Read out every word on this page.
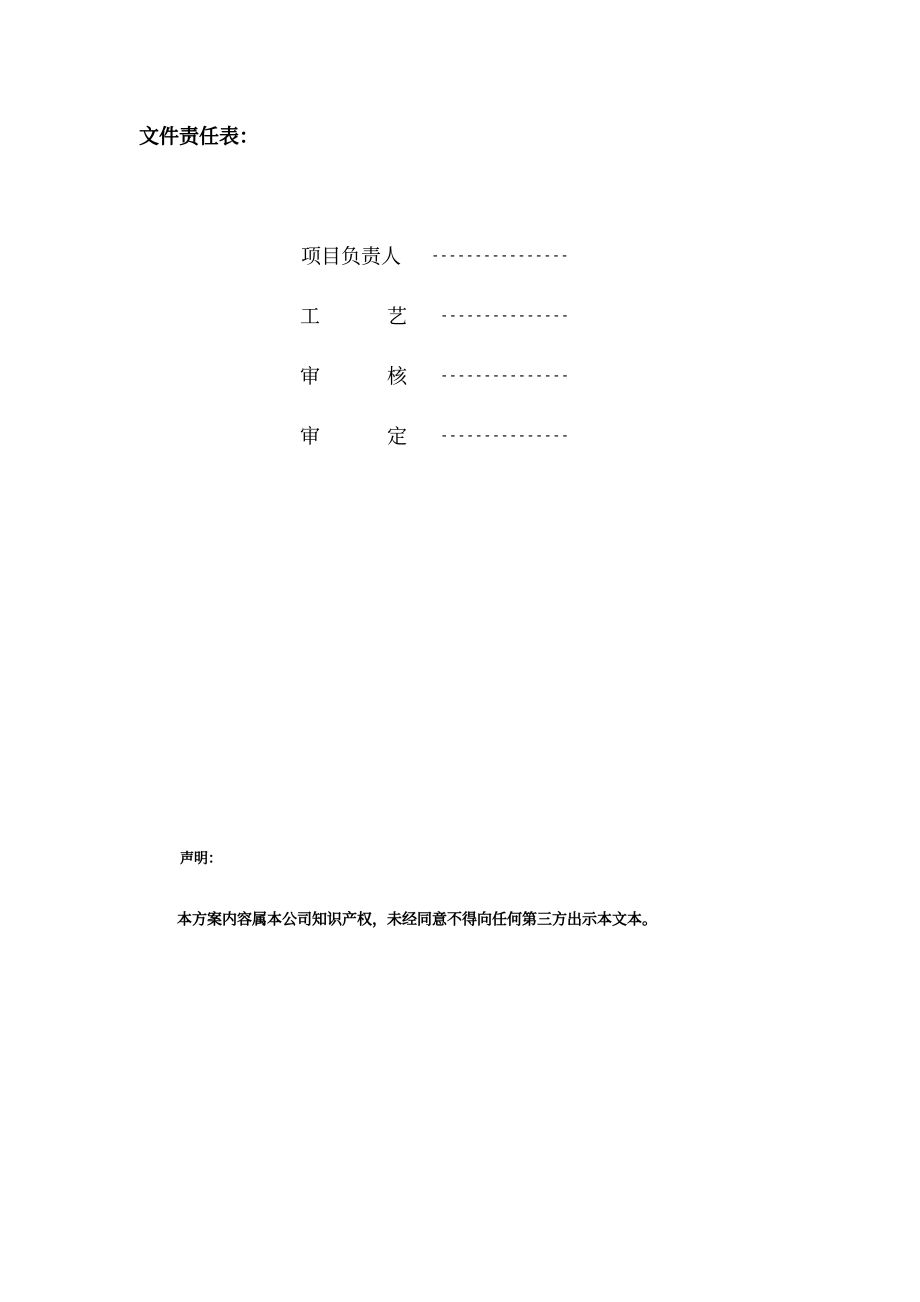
文件责任表：
项目负责人 ----------------
工	艺 ---------------
审	核 ---------------
审	定 ---------------
声明：
本方案内容属本公司知识产权，未经同意不得向任何第三方出示本文本。
